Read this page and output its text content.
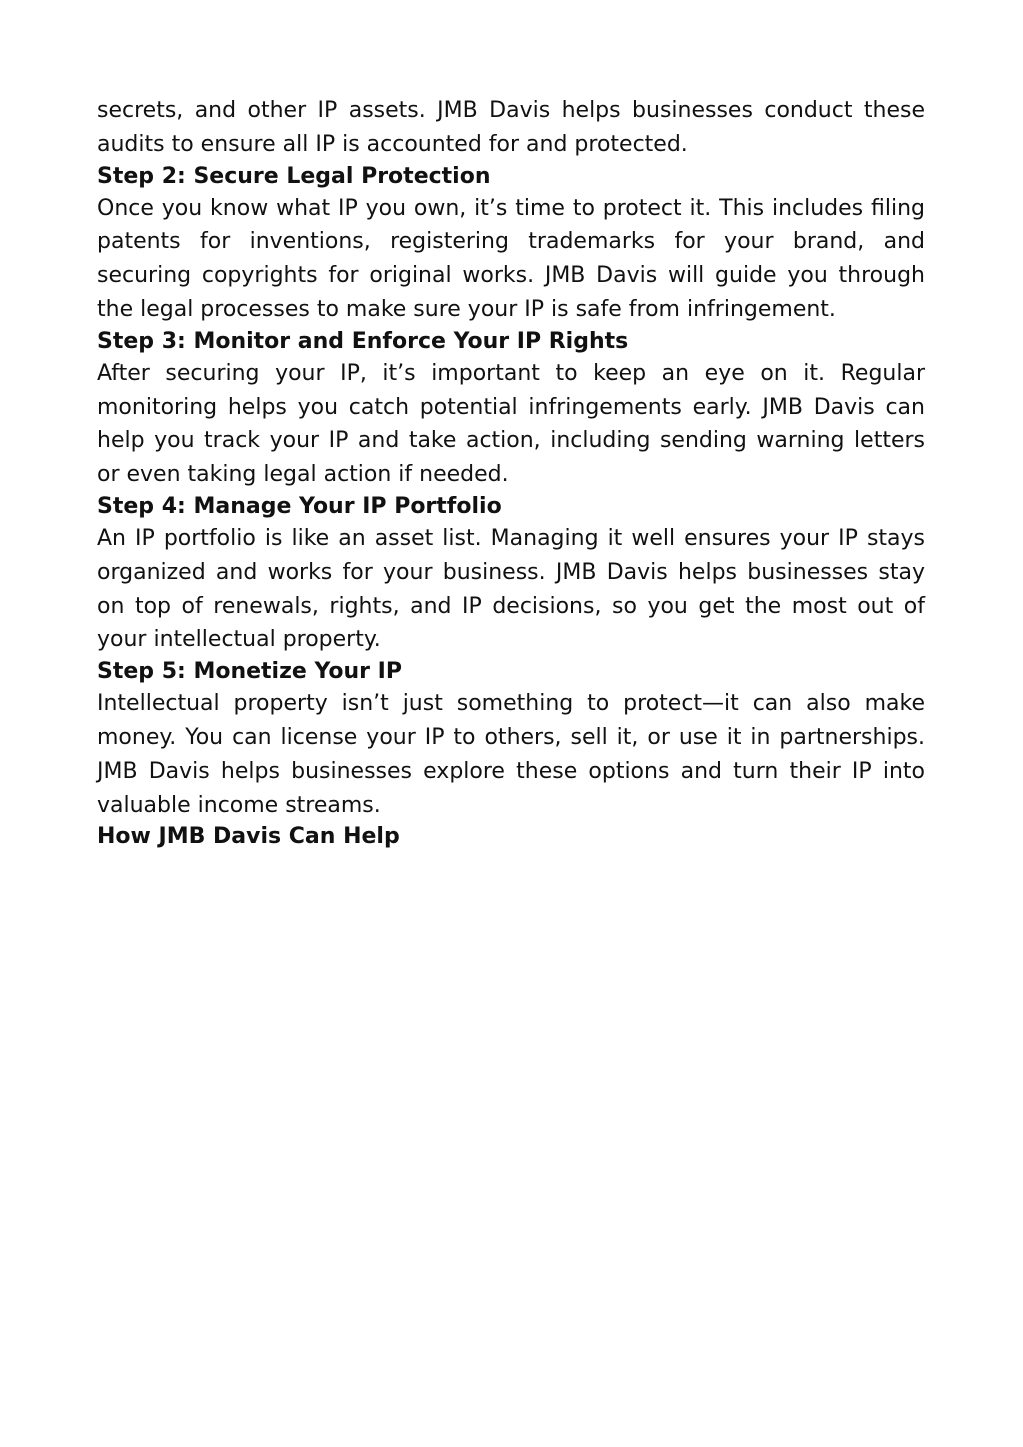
secrets, and other IP assets. JMB Davis helps businesses conduct these audits to ensure all IP is accounted for and protected.

Step 2: Secure Legal Protection

Once you know what IP you own, it’s time to protect it. This includes filing patents for inventions, registering trademarks for your brand, and securing copyrights for original works. JMB Davis will guide you through the legal processes to make sure your IP is safe from infringement.

Step 3: Monitor and Enforce Your IP Rights

After securing your IP, it’s important to keep an eye on it. Regular monitoring helps you catch potential infringements early. JMB Davis can help you track your IP and take action, including sending warning letters or even taking legal action if needed.

Step 4: Manage Your IP Portfolio

An IP portfolio is like an asset list. Managing it well ensures your IP stays organized and works for your business. JMB Davis helps businesses stay on top of renewals, rights, and IP decisions, so you get the most out of your intellectual property.

Step 5: Monetize Your IP

Intellectual property isn’t just something to protect—it can also make money. You can license your IP to others, sell it, or use it in partnerships. JMB Davis helps businesses explore these options and turn their IP into valuable income streams.

How JMB Davis Can Help
